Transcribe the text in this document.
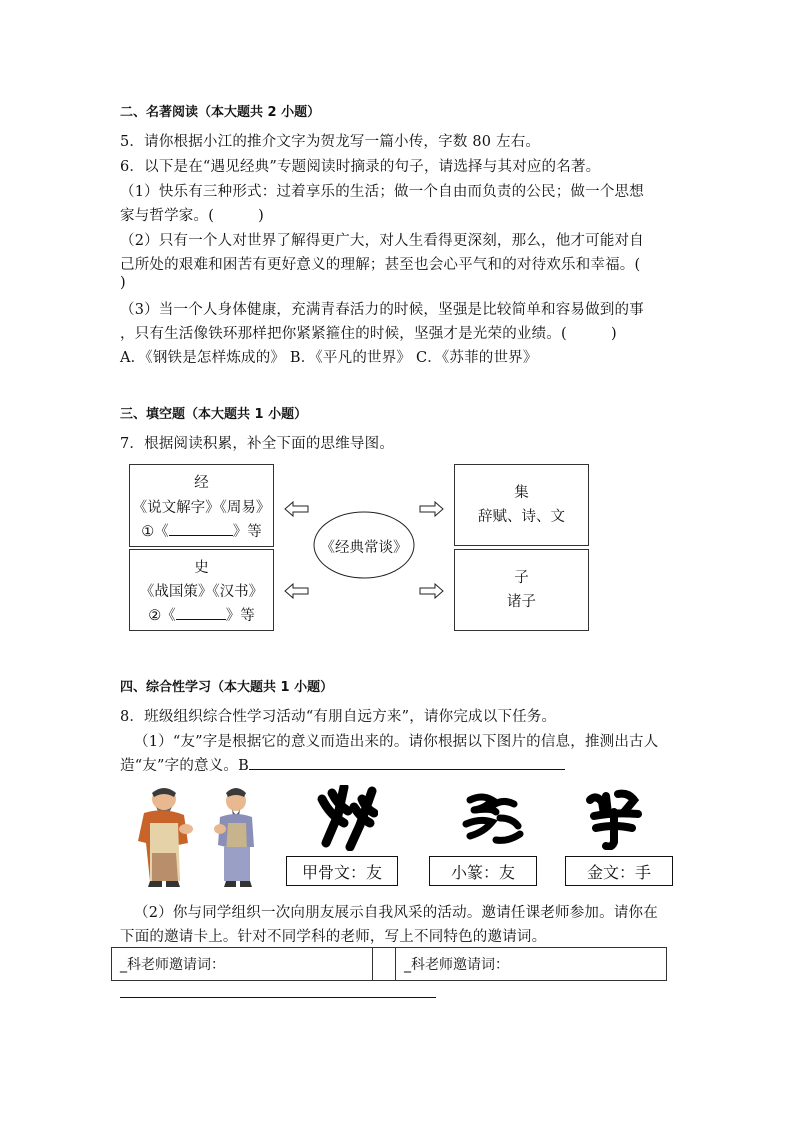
二、名著阅读（本大题共 2 小题）
5．请你根据小江的推介文字为贺龙写一篇小传，字数 80 左右。
6．以下是在“遇见经典”专题阅读时摘录的句子，请选择与其对应的名著。
（1）快乐有三种形式：过着享乐的生活；做一个自由而负责的公民；做一个思想
家与哲学家。(　　　)
（2）只有一个人对世界了解得更广大，对人生看得更深刻，那么，他才可能对自
己所处的艰难和困苦有更好意义的理解；甚至也会心平气和的对待欢乐和幸福。(
)
（3）当一个人身体健康，充满青春活力的时候，坚强是比较简单和容易做到的事
，只有生活像铁环那样把你紧紧箍住的时候，坚强才是光荣的业绩。(　　　)
A．《钢铁是怎样炼成的》 B．《平凡的世界》 C．《苏菲的世界》
三、填空题（本大题共 1 小题）
7．根据阅读积累，补全下面的思维导图。
经
《说文解字》《周易》
①《	》等
史
《战国策》《汉书》
②《	》等
集
辞赋、诗、文
子
诸子
《经典常谈》
四、综合性学习（本大题共 1 小题）
8．班级组织综合性学习活动“有朋自远方来”，请你完成以下任务。
（1）“友”字是根据它的意义而造出来的。请你根据以下图片的信息，推测出古人
造“友”字的意义。B
甲骨文：友	小篆：友	金文：手
（2）你与同学组织一次向朋友展示自我风采的活动。邀请任课老师参加。请你在
下面的邀请卡上。针对不同学科的老师，写上不同特色的邀请词。
_科老师邀请词：		_科老师邀请词：
